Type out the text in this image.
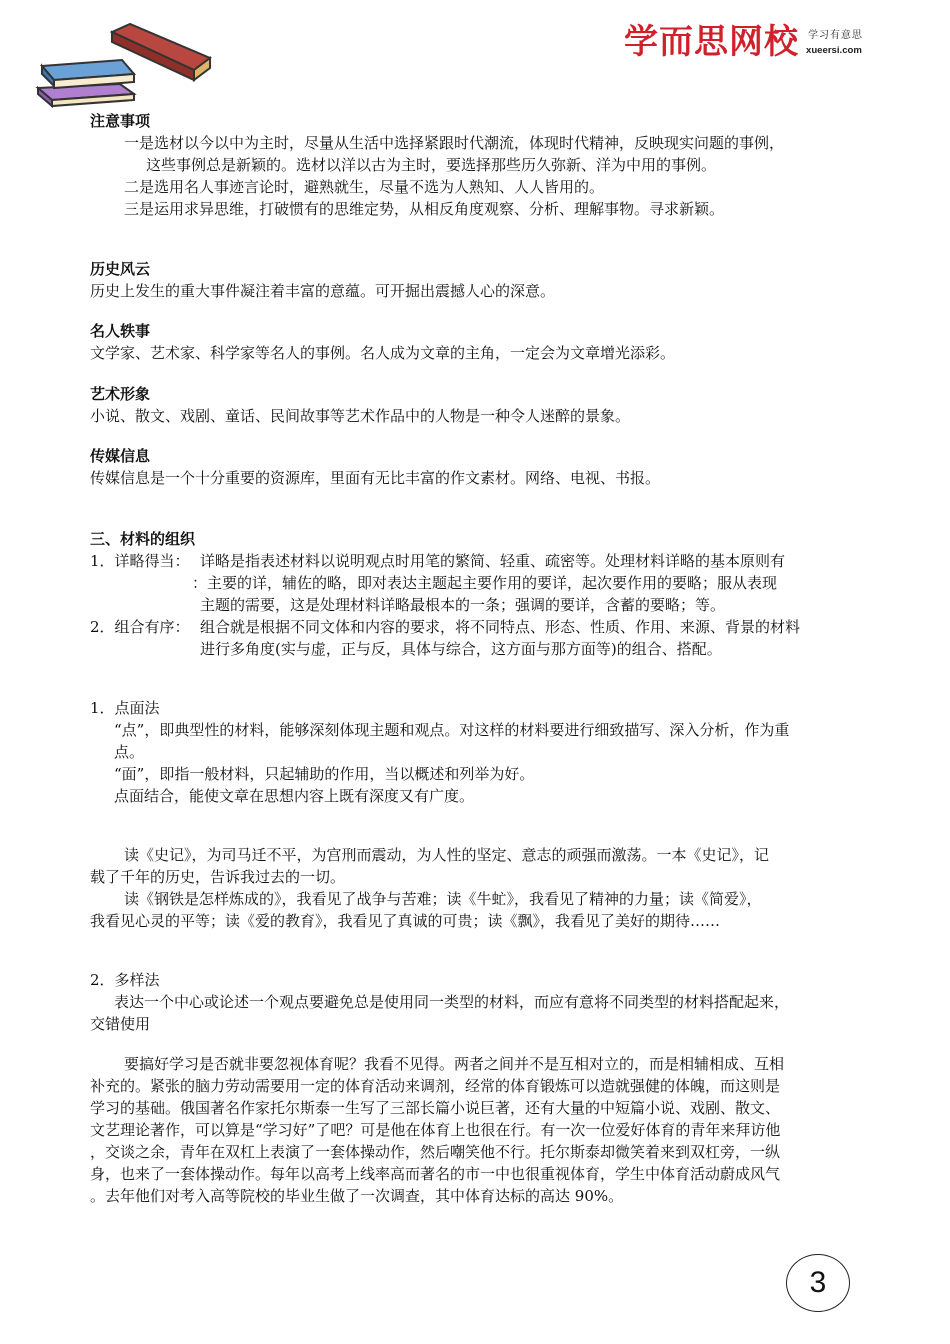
学而思网校 学习有意思
xueersi.com
注意事项
一是选材以今以中为主时，尽量从生活中选择紧跟时代潮流，体现时代精神，反映现实问题的事例，
这些事例总是新颖的。选材以洋以古为主时，要选择那些历久弥新、洋为中用的事例。
二是选用名人事迹言论时，避熟就生，尽量不选为人熟知、人人皆用的。
三是运用求异思维，打破惯有的思维定势，从相反角度观察、分析、理解事物。寻求新颖。
历史风云
历史上发生的重大事件凝注着丰富的意蕴。可开掘出震撼人心的深意。
名人轶事
文学家、艺术家、科学家等名人的事例。名人成为文章的主角，一定会为文章增光添彩。
艺术形象
小说、散文、戏剧、童话、民间故事等艺术作品中的人物是一种令人迷醉的景象。
传媒信息
传媒信息是一个十分重要的资源库，里面有无比丰富的作文素材。网络、电视、书报。
三、材料的组织
1．详略得当： 详略是指表述材料以说明观点时用笔的繁简、轻重、疏密等。处理材料详略的基本原则有
：主要的详，辅佐的略，即对表达主题起主要作用的要详，起次要作用的要略；服从表现
主题的需要，这是处理材料详略最根本的一条；强调的要详，含蓄的要略；等。
2．组合有序： 组合就是根据不同文体和内容的要求，将不同特点、形态、性质、作用、来源、背景的材料
进行多角度(实与虚，正与反，具体与综合，这方面与那方面等)的组合、搭配。
1．点面法
“点”，即典型性的材料，能够深刻体现主题和观点。对这样的材料要进行细致描写、深入分析，作为重
点。
“面”，即指一般材料，只起辅助的作用，当以概述和列举为好。
点面结合，能使文章在思想内容上既有深度又有广度。
读《史记》，为司马迁不平，为宫刑而震动，为人性的坚定、意志的顽强而激荡。一本《史记》，记
载了千年的历史，告诉我过去的一切。
读《钢铁是怎样炼成的》，我看见了战争与苦难；读《牛虻》，我看见了精神的力量；读《简爱》，
我看见心灵的平等；读《爱的教育》，我看见了真诚的可贵；读《飘》，我看见了美好的期待……
2．多样法
表达一个中心或论述一个观点要避免总是使用同一类型的材料，而应有意将不同类型的材料搭配起来，
交错使用
要搞好学习是否就非要忽视体育呢？我看不见得。两者之间并不是互相对立的，而是相辅相成、互相
补充的。紧张的脑力劳动需要用一定的体育活动来调剂，经常的体育锻炼可以造就强健的体魄，而这则是
学习的基础。俄国著名作家托尔斯泰一生写了三部长篇小说巨著，还有大量的中短篇小说、戏剧、散文、
文艺理论著作，可以算是“学习好”了吧？可是他在体育上也很在行。有一次一位爱好体育的青年来拜访他
，交谈之余，青年在双杠上表演了一套体操动作，然后嘲笑他不行。托尔斯泰却微笑着来到双杠旁，一纵
身，也来了一套体操动作。每年以高考上线率高而著名的市一中也很重视体育，学生中体育活动蔚成风气
。去年他们对考入高等院校的毕业生做了一次调查，其中体育达标的高达 90%。
3
